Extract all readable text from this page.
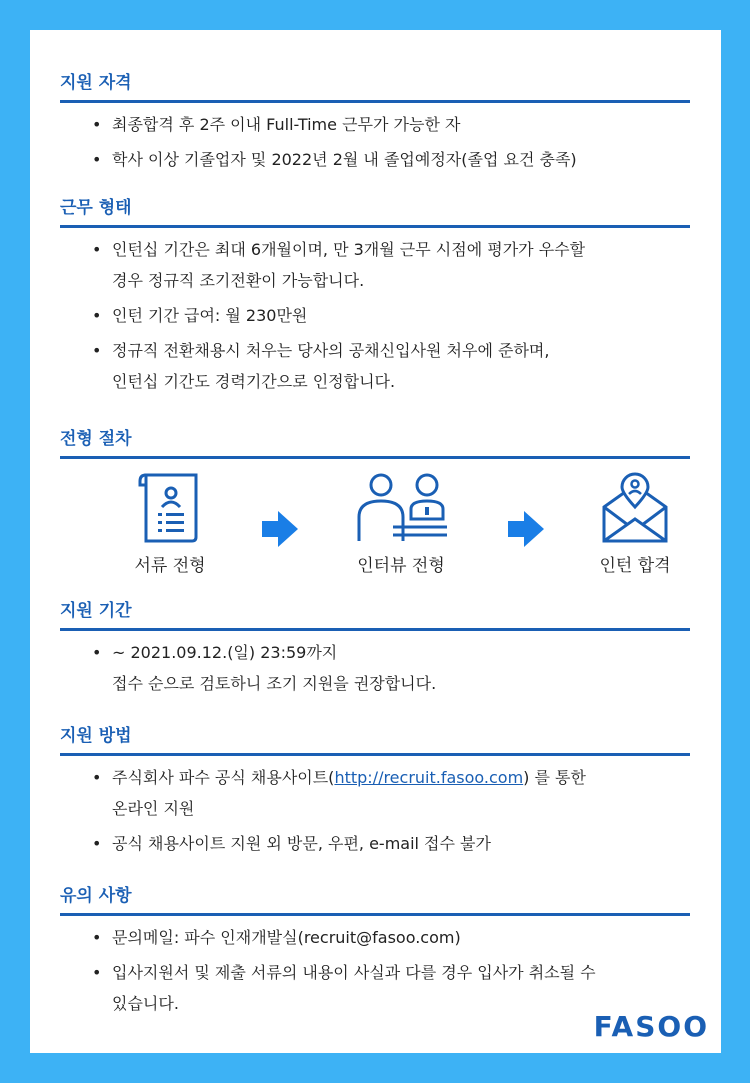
지원 자격
• 최종합격 후 2주 이내 Full-Time 근무가 가능한 자
• 학사 이상 기졸업자 및 2022년 2월 내 졸업예정자(졸업 요건 충족)
근무 형태
• 인턴십 기간은 최대 6개월이며, 만 3개월 근무 시점에 평가가 우수할
경우 정규직 조기전환이 가능합니다.
• 인턴 기간 급여: 월 230만원
• 정규직 전환채용시 처우는 당사의 공채신입사원 처우에 준하며,
인턴십 기간도 경력기간으로 인정합니다.
전형 절차
서류 전형	인터뷰 전형	인턴 합격
지원 기간
• ~ 2021.09.12.(일) 23:59까지
접수 순으로 검토하니 조기 지원을 권장합니다.
지원 방법
• 주식회사 파수 공식 채용사이트(http://recruit.fasoo.com) 를 통한
온라인 지원
• 공식 채용사이트 지원 외 방문, 우편, e-mail 접수 불가
유의 사항
• 문의메일: 파수 인재개발실(recruit@fasoo.com)
• 입사지원서 및 제출 서류의 내용이 사실과 다를 경우 입사가 취소될 수
있습니다.
FASOO
